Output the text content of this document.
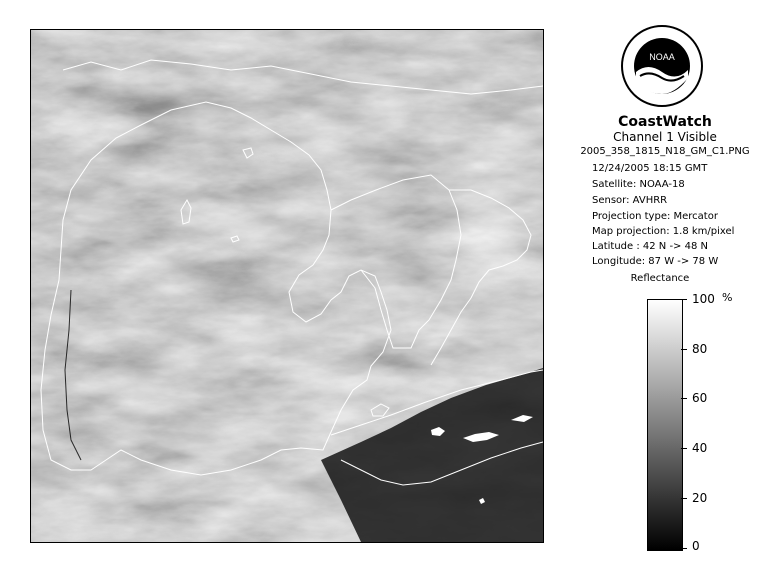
NOAA
CoastWatch
Channel 1 Visible
2005_358_1815_N18_GM_C1.PNG
12/24/2005 18:15 GMT
Satellite: NOAA-18
Sensor: AVHRR
Projection type: Mercator
Map projection: 1.8 km/pixel
Latitude : 42 N -> 48 N
Longitude: 87 W -> 78 W
Reflectance
%
100
80
60
40
20
0
